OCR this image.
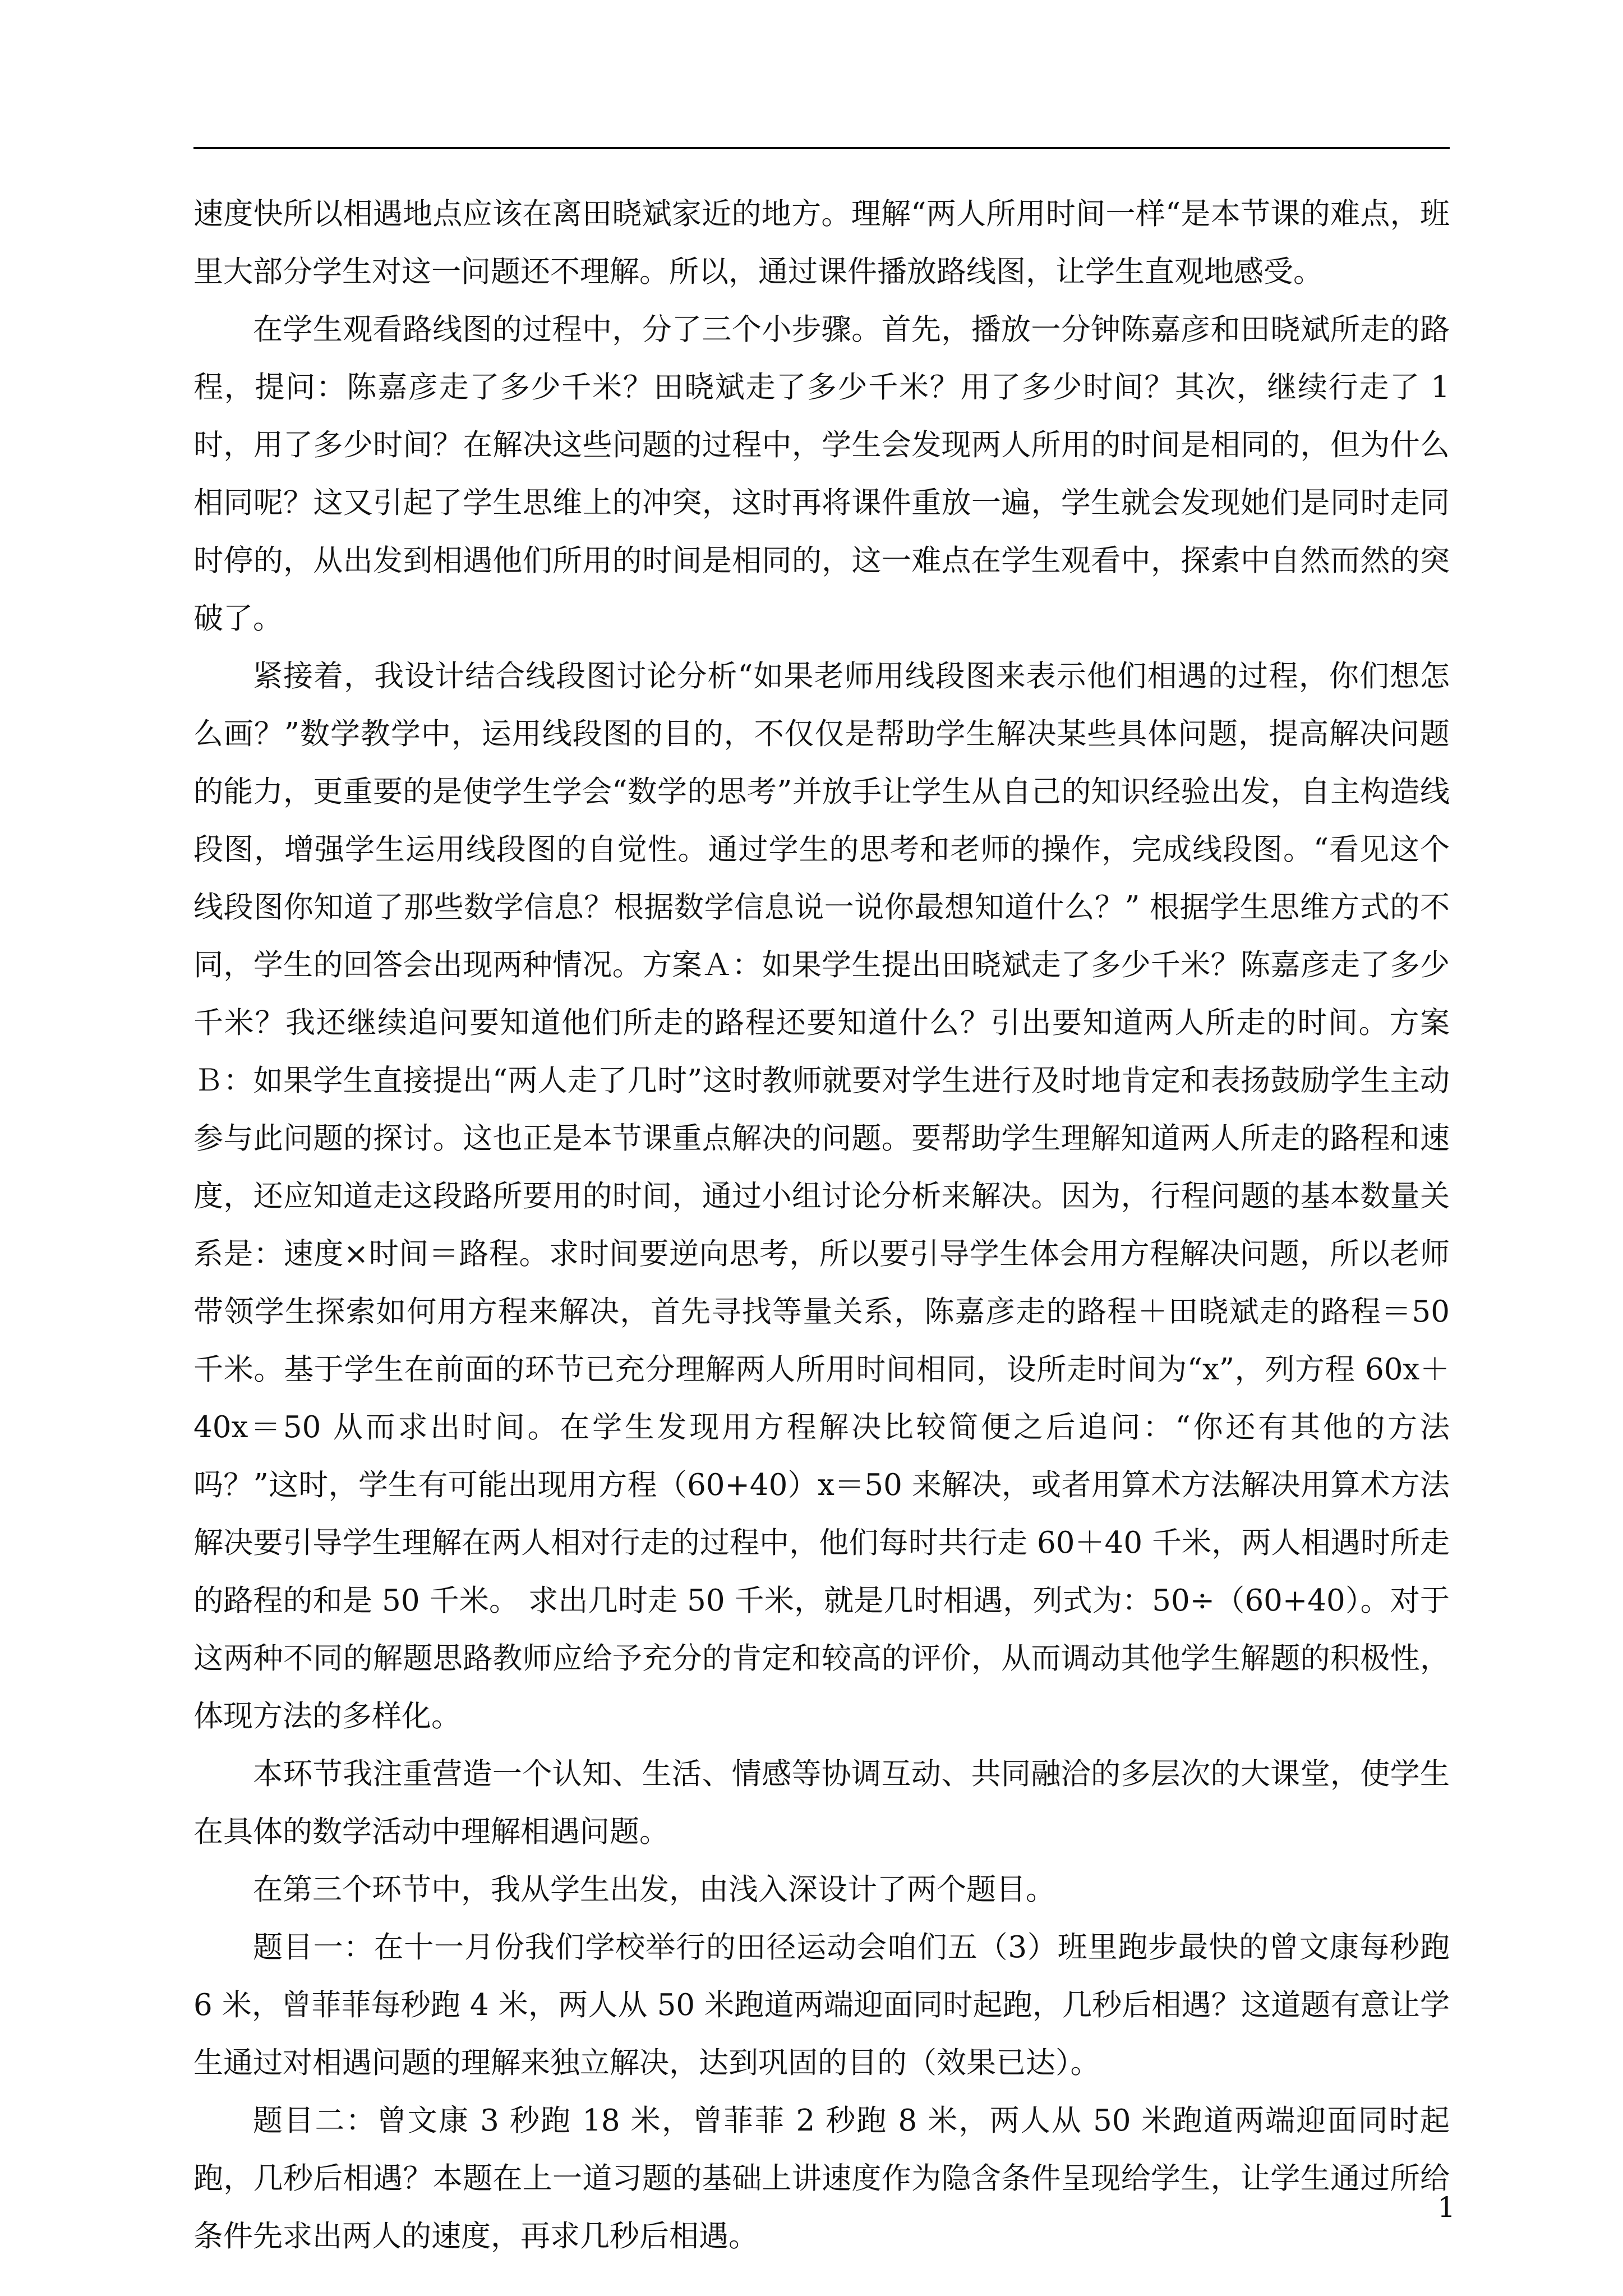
速度快所以相遇地点应该在离田晓斌家近的地方。理解“两人所用时间一样“是本节课的难点，班里大部分学生对这一问题还不理解。所以，通过课件播放路线图，让学生直观地感受。

在学生观看路线图的过程中，分了三个小步骤。首先，播放一分钟陈嘉彦和田晓斌所走的路程，提问：陈嘉彦走了多少千米？田晓斌走了多少千米？用了多少时间？其次，继续行走了 1 时，用了多少时间？在解决这些问题的过程中，学生会发现两人所用的时间是相同的，但为什么相同呢？这又引起了学生思维上的冲突，这时再将课件重放一遍，学生就会发现她们是同时走同时停的，从出发到相遇他们所用的时间是相同的，这一难点在学生观看中，探索中自然而然的突破了。

紧接着，我设计结合线段图讨论分析“如果老师用线段图来表示他们相遇的过程，你们想怎么画？”数学教学中，运用线段图的目的，不仅仅是帮助学生解决某些具体问题，提高解决问题的能力，更重要的是使学生学会“数学的思考”并放手让学生从自己的知识经验出发，自主构造线段图，增强学生运用线段图的自觉性。通过学生的思考和老师的操作，完成线段图。“看见这个线段图你知道了那些数学信息？根据数学信息说一说你最想知道什么？” 根据学生思维方式的不同，学生的回答会出现两种情况。方案Ａ：如果学生提出田晓斌走了多少千米？陈嘉彦走了多少千米？我还继续追问要知道他们所走的路程还要知道什么？引出要知道两人所走的时间。方案Ｂ：如果学生直接提出“两人走了几时”这时教师就要对学生进行及时地肯定和表扬鼓励学生主动参与此问题的探讨。这也正是本节课重点解决的问题。要帮助学生理解知道两人所走的路程和速度，还应知道走这段路所要用的时间，通过小组讨论分析来解决。因为，行程问题的基本数量关系是：速度×时间＝路程。求时间要逆向思考，所以要引导学生体会用方程解决问题，所以老师带领学生探索如何用方程来解决，首先寻找等量关系，陈嘉彦走的路程＋田晓斌走的路程＝50 千米。基于学生在前面的环节已充分理解两人所用时间相同，设所走时间为“x”，列方程 60x＋40x＝50 从而求出时间。在学生发现用方程解决比较简便之后追问：“你还有其他的方法吗？”这时，学生有可能出现用方程（60+40）x＝50 来解决，或者用算术方法解决用算术方法解决要引导学生理解在两人相对行走的过程中，他们每时共行走 60＋40 千米，两人相遇时所走的路程的和是 50 千米。 求出几时走 50 千米，就是几时相遇，列式为：50÷（60+40）。对于这两种不同的解题思路教师应给予充分的肯定和较高的评价，从而调动其他学生解题的积极性，体现方法的多样化。

本环节我注重营造一个认知、生活、情感等协调互动、共同融洽的多层次的大课堂，使学生在具体的数学活动中理解相遇问题。

在第三个环节中，我从学生出发，由浅入深设计了两个题目。

题目一：在十一月份我们学校举行的田径运动会咱们五（3）班里跑步最快的曾文康每秒跑 6 米，曾菲菲每秒跑 4 米，两人从 50 米跑道两端迎面同时起跑，几秒后相遇？这道题有意让学生通过对相遇问题的理解来独立解决，达到巩固的目的（效果已达）。

题目二：曾文康 3 秒跑 18 米，曾菲菲 2 秒跑 8 米，两人从 50 米跑道两端迎面同时起跑，几秒后相遇？本题在上一道习题的基础上讲速度作为隐含条件呈现给学生，让学生通过所给条件先求出两人的速度，再求几秒后相遇。

1
